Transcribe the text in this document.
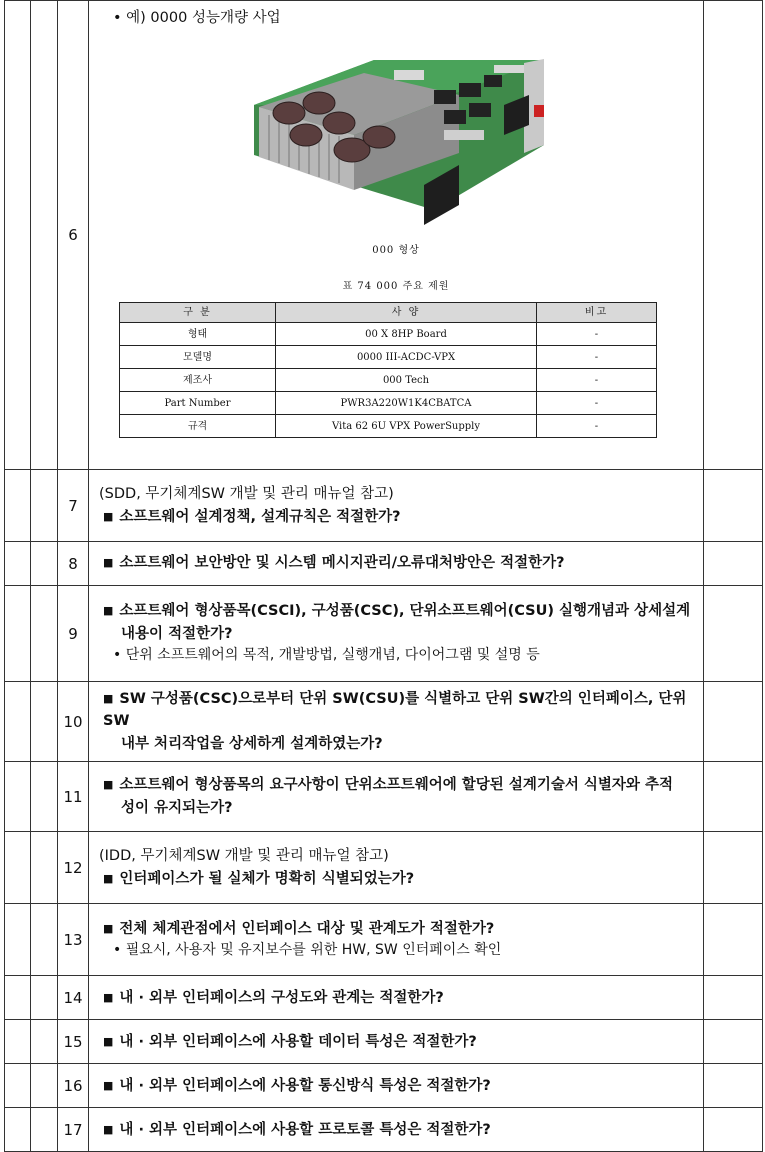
		6	
• 예) 0000 성능개량 사업
000 형상
표 74 000 주요 제원
구 분	사 양	비고
형태	00 X 8HP Board	-
모델명	0000 III-ACDC-VPX	-
제조사	000 Tech	-
Part Number	PWR3A220W1K4CBATCA	-
규격	Vita 62 6U VPX PowerSupply	-

		7	
(SDD, 무기체계SW 개발 및 관리 매뉴얼 참고)
■ 소프트웨어 설계정책, 설계규칙은 적절한가?

		8	■ 소프트웨어 보안방안 및 시스템 메시지관리/오류대처방안은 적절한가?

		9	
■ 소프트웨어 형상품목(CSCI), 구성품(CSC), 단위소프트웨어(CSU) 실행개념과 상세설계
내용이 적절한가?
• 단위 소프트웨어의 목적, 개발방법, 실행개념, 다이어그램 및 설명 등

		10	
■ SW 구성품(CSC)으로부터 단위 SW(CSU)를 식별하고 단위 SW간의 인터페이스, 단위 SW
내부 처리작업을 상세하게 설계하였는가?

		11	
■ 소프트웨어 형상품목의 요구사항이 단위소프트웨어에 할당된 설계기술서 식별자와 추적
성이 유지되는가?

		12	
(IDD, 무기체계SW 개발 및 관리 매뉴얼 참고)
■ 인터페이스가 될 실체가 명확히 식별되었는가?

		13	
■ 전체 체계관점에서 인터페이스 대상 및 관계도가 적절한가?
• 필요시, 사용자 및 유지보수를 위한 HW, SW 인터페이스 확인

		14	■ 내 · 외부 인터페이스의 구성도와 관계는 적절한가?

		15	■ 내 · 외부 인터페이스에 사용할 데이터 특성은 적절한가?

		16	■ 내 · 외부 인터페이스에 사용할 통신방식 특성은 적절한가?

		17	■ 내 · 외부 인터페이스에 사용할 프로토콜 특성은 적절한가?
